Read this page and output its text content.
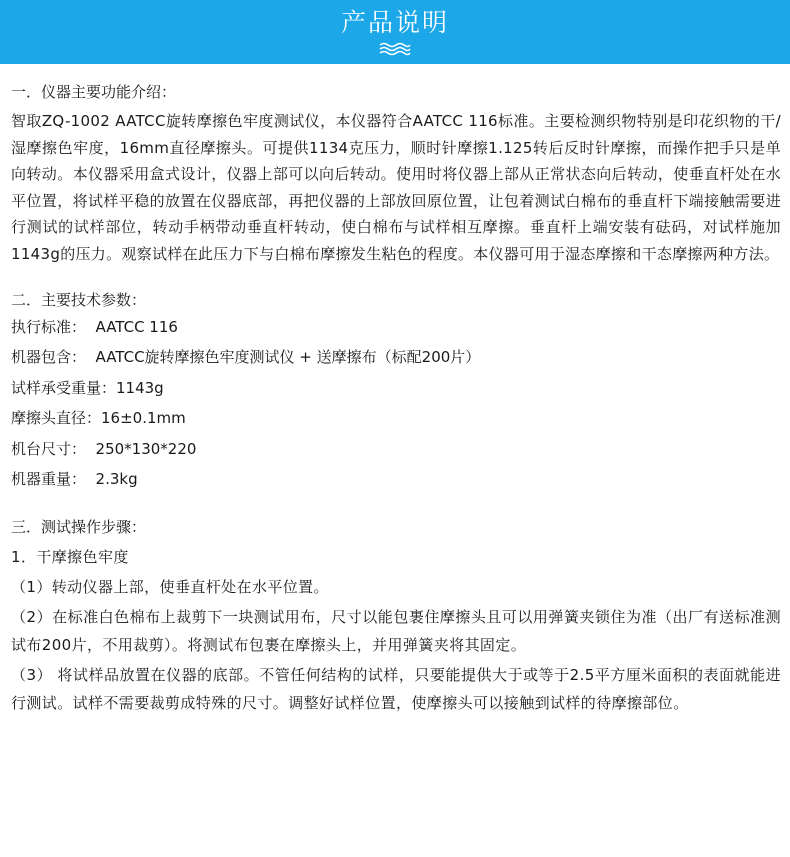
产品说明

一．仪器主要功能介绍：

智取ZQ-1002 AATCC旋转摩擦色牢度测试仪，本仪器符合AATCC 116标准。主要检测织物特别是印花织物的干/湿摩擦色牢度，16mm直径摩擦头。可提供1134克压力，顺时针摩擦1.125转后反时针摩擦，而操作把手只是单向转动。本仪器采用盒式设计，仪器上部可以向后转动。使用时将仪器上部从正常状态向后转动，使垂直杆处在水平位置，将试样平稳的放置在仪器底部，再把仪器的上部放回原位置，让包着测试白棉布的垂直杆下端接触需要进行测试的试样部位，转动手柄带动垂直杆转动，使白棉布与试样相互摩擦。垂直杆上端安装有砝码，对试样施加1143g的压力。观察试样在此压力下与白棉布摩擦发生粘色的程度。本仪器可用于湿态摩擦和干态摩擦两种方法。

二．主要技术参数：

执行标准：  AATCC 116

机器包含：  AATCC旋转摩擦色牢度测试仪 + 送摩擦布（标配200片）

试样承受重量：1143g

摩擦头直径：16±0.1mm

机台尺寸：  250*130*220

机器重量：  2.3kg

三．测试操作步骤：

1．干摩擦色牢度

（1）转动仪器上部，使垂直杆处在水平位置。

（2）在标准白色棉布上裁剪下一块测试用布，尺寸以能包裹住摩擦头且可以用弹簧夹锁住为准（出厂有送标准测试布200片，不用裁剪）。将测试布包裹在摩擦头上，并用弹簧夹将其固定。

（3） 将试样品放置在仪器的底部。不管任何结构的试样，只要能提供大于或等于2.5平方厘米面积的表面就能进行测试。试样不需要裁剪成特殊的尺寸。调整好试样位置，使摩擦头可以接触到试样的待摩擦部位。
